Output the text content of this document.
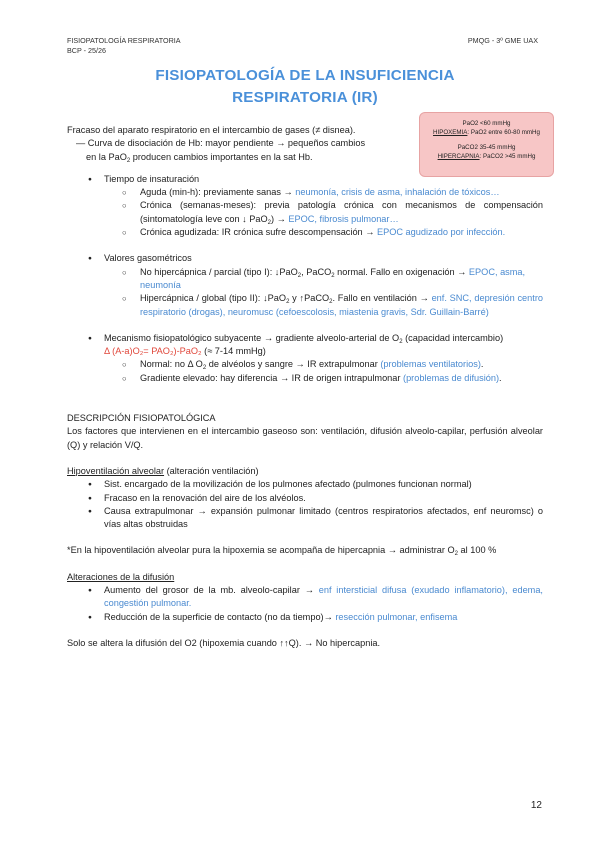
FISIOPATOLOGÍA RESPIRATORIA
BCP - 25/26
PMQG - 3º GME UAX
FISIOPATOLOGÍA DE LA INSUFICIENCIA
RESPIRATORIA (IR)
PaO2 <60 mmHg
HIPOXEMIA: PaO2 entre 60-80 mmHg
PaCO2 35-45 mmHg
HIPERCAPNIA: PaCO2 >45 mmHg

Fracaso del aparato respiratorio en el intercambio de gases (≠ disnea).

— Curva de disociación de Hb: mayor pendiente → pequeños cambios
en la PaO$_2$ producen cambios importantes en la sat Hb.

● Tiempo de insaturación
○ Aguda (min-h): previamente sanas → neumonía, crisis de asma, inhalación de tóxicos…
○ Crónica (semanas-meses): previa patología crónica con mecanismos de compensación (sintomatología leve con ↓ PaO$_2$) → EPOC, fibrosis pulmonar…
○ Crónica agudizada: IR crónica sufre descompensación → EPOC agudizado por infección.
● Valores gasométricos
○ No hipercápnica / parcial (tipo I): ↓PaO$_2$, PaCO$_2$ normal. Fallo en oxigenación → EPOC, asma, neumonía
○ Hipercápnica / global (tipo II): ↓PaO$_2$ y ↑PaCO$_2$. Fallo en ventilación → enf. SNC, depresión centro respiratorio (drogas), neuromusc (cefoescolosis, miastenia gravis, Sdr. Guillain-Barré)
● Mecanismo fisiopatológico subyacente → gradiente alveolo-arterial de $O_2$ (capacidad intercambio)
Δ (A-a)O₂= PAO₂)-PaO₂ (≈ 7-14 mmHg)
○ Normal: no Δ $O_2$ de alvéolos y sangre → IR extrapulmonar (problemas ventilatorios).
○ Gradiente elevado: hay diferencia → IR de origen intrapulmonar (problemas de difusión).

DESCRIPCIÓN FISIOPATOLÓGICA

Los factores que intervienen en el intercambio gaseoso son: ventilación, difusión alveolo-capilar, perfusión alveolar (Q) y relación V/Q.

Hipoventilación alveolar (alteración ventilación)

● Sist. encargado de la movilización de los pulmones afectado (pulmones funcionan normal)
● Fracaso en la renovación del aire de los alvéolos.
● Causa extrapulmonar → expansión pulmonar limitado (centros respiratorios afectados, enf neuromsc) o vías altas obstruidas

*En la hipoventilación alveolar pura la hipoxemia se acompaña de hipercapnia → administrar $O_2$ al 100 %

Alteraciones de la difusión

● Aumento del grosor de la mb. alveolo-capilar → enf intersticial difusa (exudado inflamatorio), edema, congestión pulmonar.
● Reducción de la superficie de contacto (no da tiempo)→ resección pulmonar, enfisema

Solo se altera la difusión del O2 (hipoxemia cuando ↑↑Q). → No hipercapnia.

12
